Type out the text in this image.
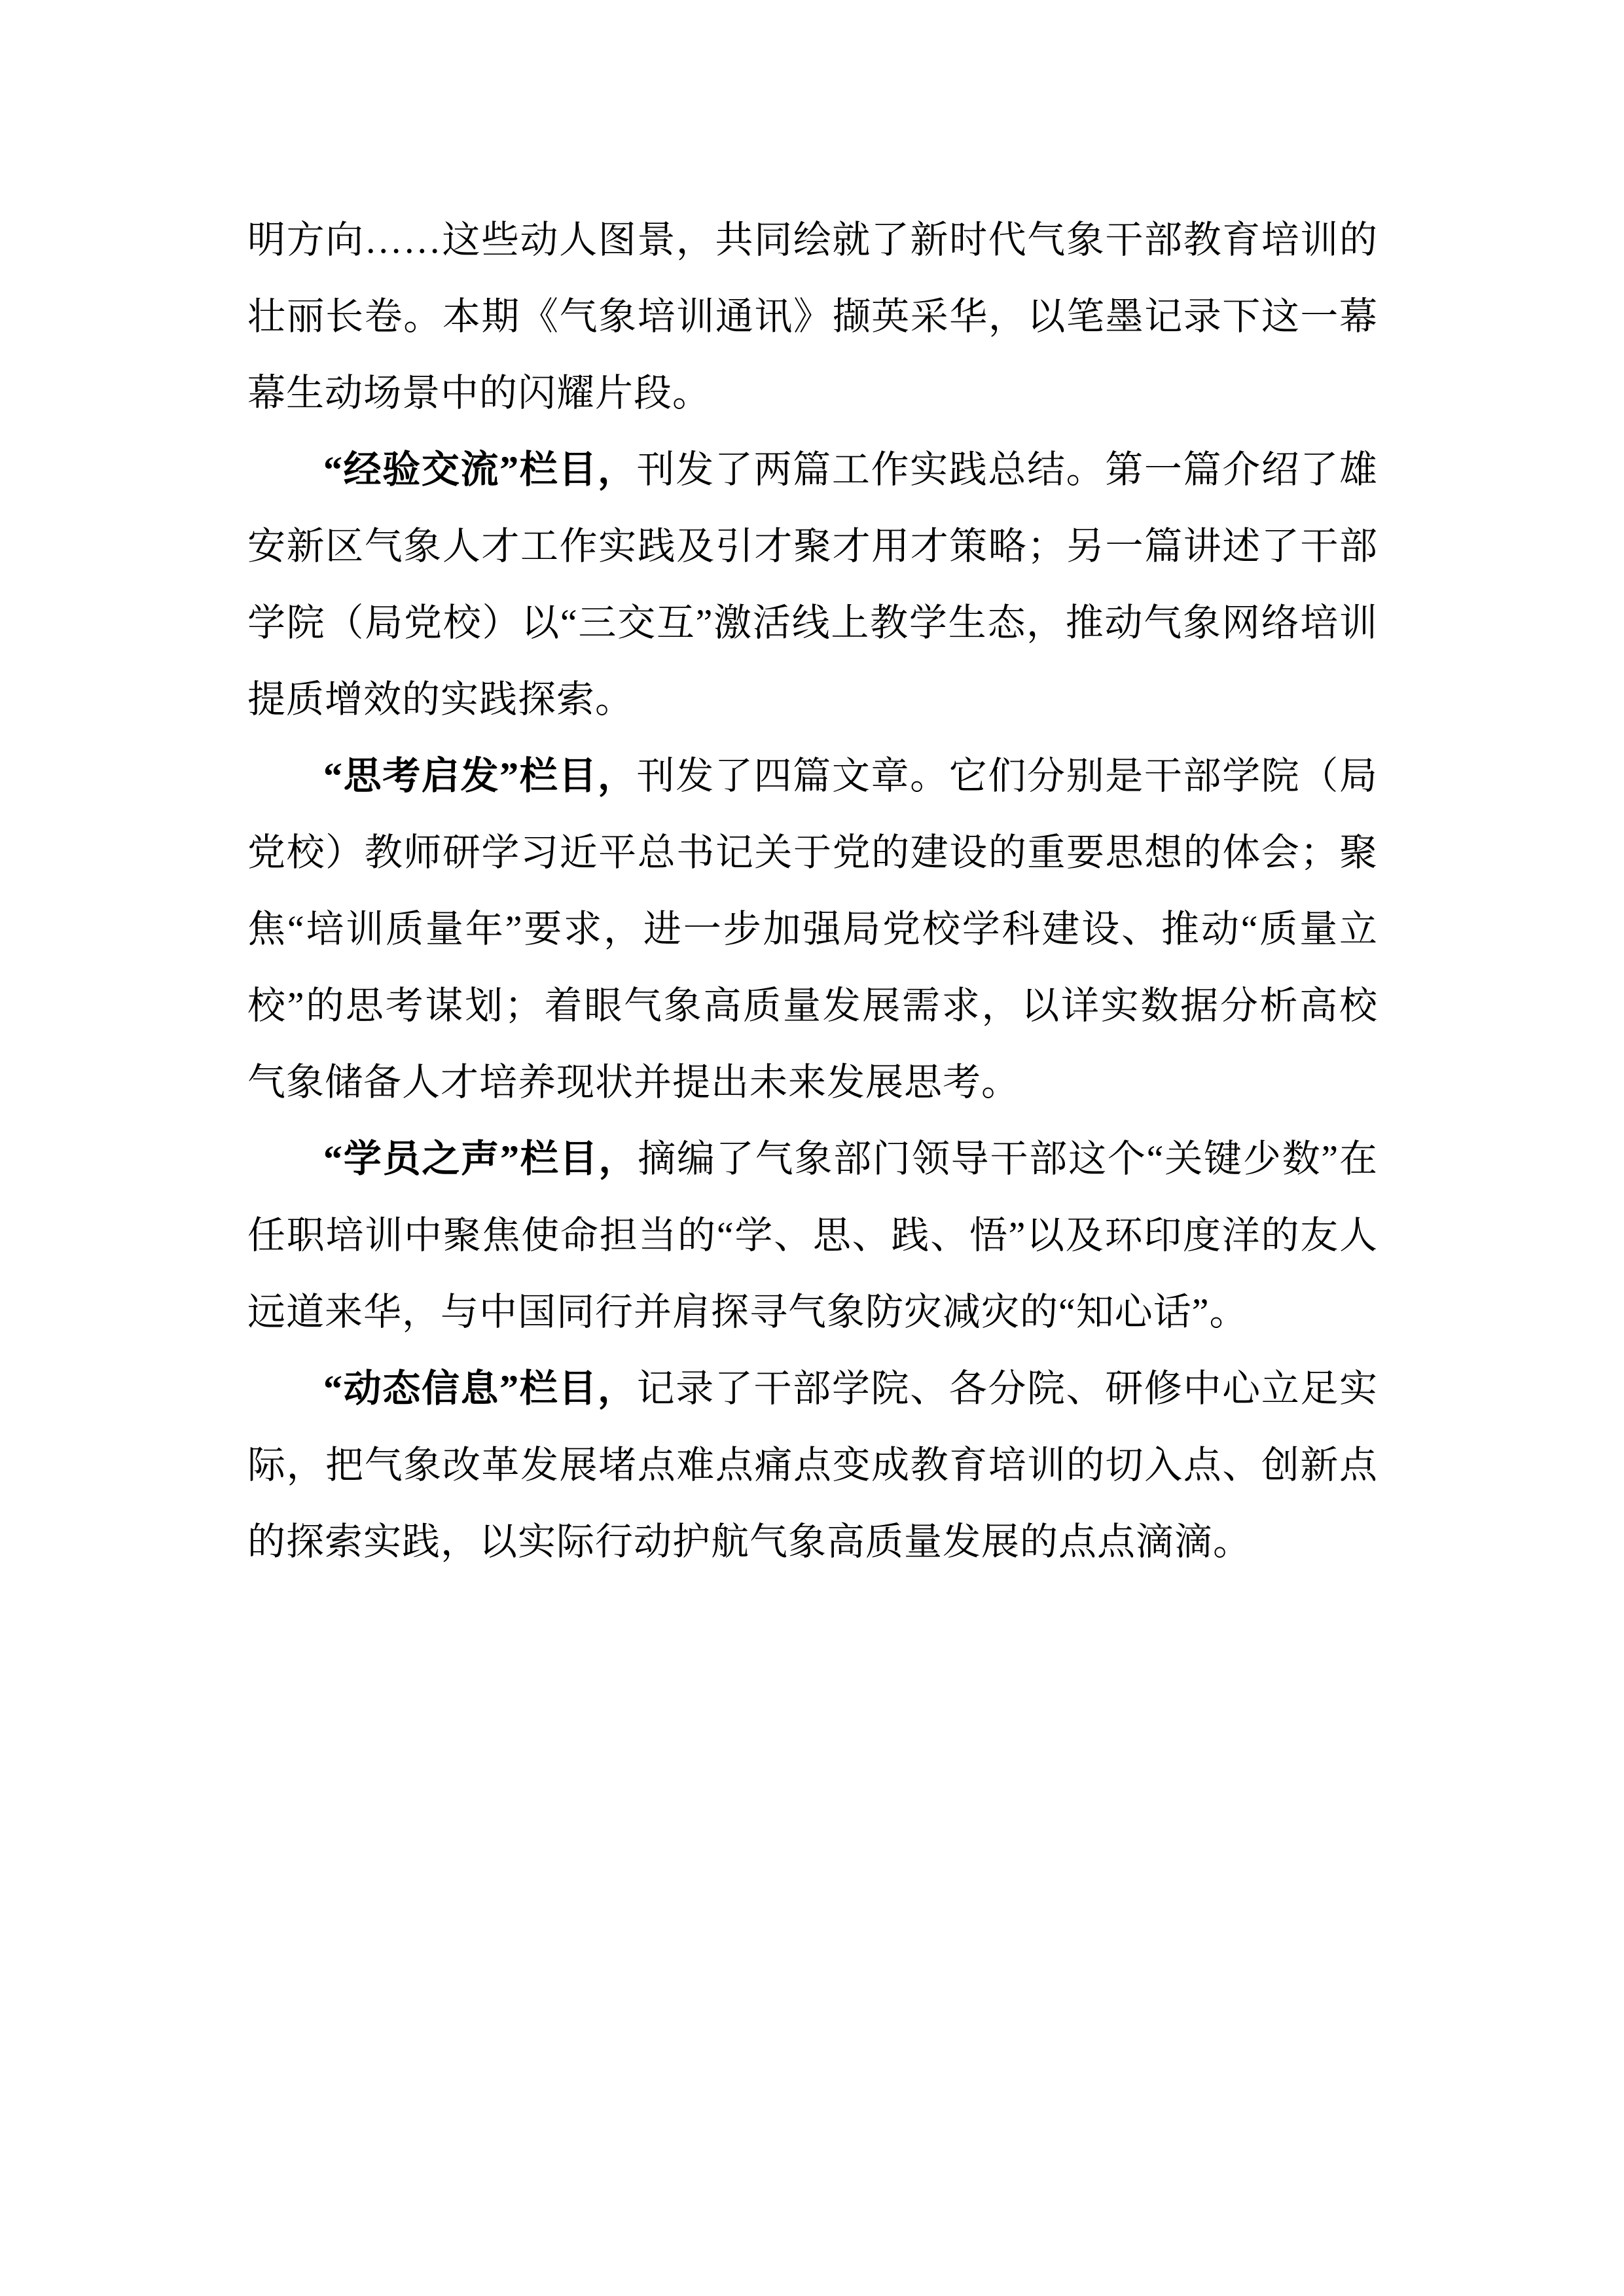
明方向……这些动人图景，共同绘就了新时代气象干部教育培训的壮丽长卷。本期《气象培训通讯》撷英采华，以笔墨记录下这一幕幕生动场景中的闪耀片段。

“经验交流”栏目，刊发了两篇工作实践总结。第一篇介绍了雄安新区气象人才工作实践及引才聚才用才策略；另一篇讲述了干部学院（局党校）以“三交互”激活线上教学生态，推动气象网络培训提质增效的实践探索。

“思考启发”栏目，刊发了四篇文章。它们分别是干部学院（局党校）教师研学习近平总书记关于党的建设的重要思想的体会；聚焦“培训质量年”要求，进一步加强局党校学科建设、推动“质量立校”的思考谋划；着眼气象高质量发展需求，以详实数据分析高校气象储备人才培养现状并提出未来发展思考。

“学员之声”栏目，摘编了气象部门领导干部这个“关键少数”在任职培训中聚焦使命担当的“学、思、践、悟”以及环印度洋的友人远道来华，与中国同行并肩探寻气象防灾减灾的“知心话”。

“动态信息”栏目，记录了干部学院、各分院、研修中心立足实际，把气象改革发展堵点难点痛点变成教育培训的切入点、创新点的探索实践，以实际行动护航气象高质量发展的点点滴滴。
